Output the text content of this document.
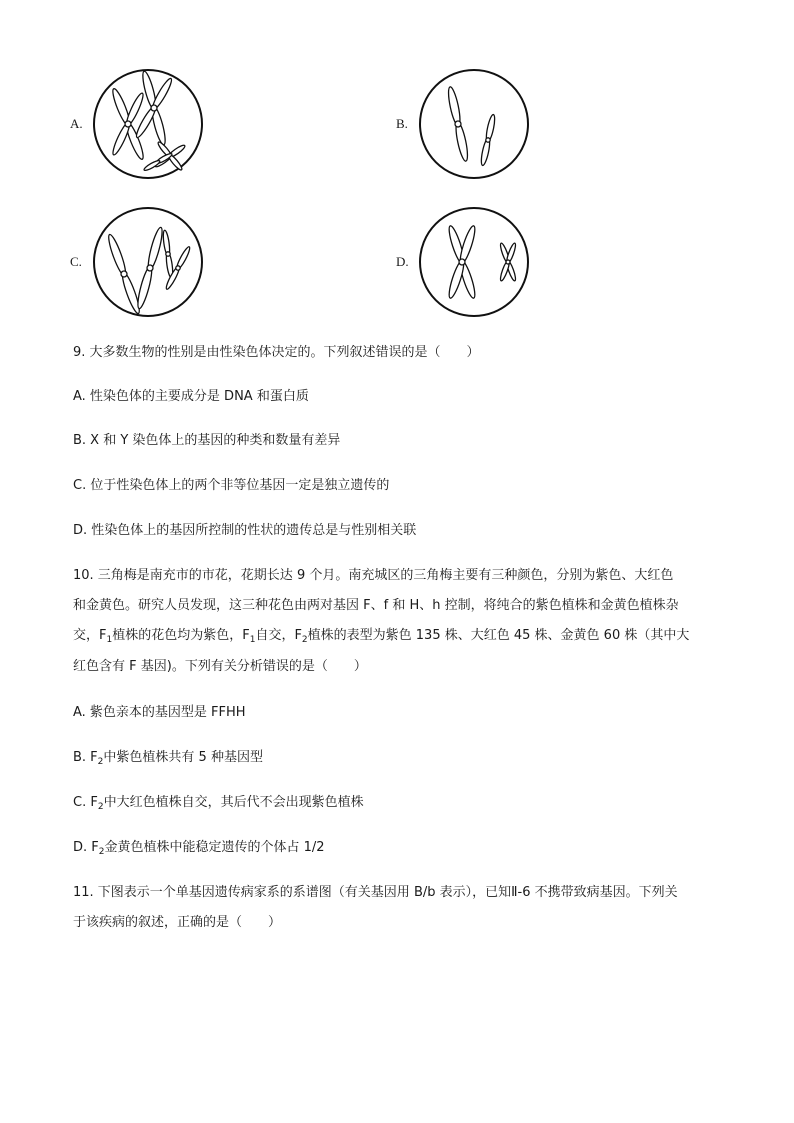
A.	B.
C.	D.
9. 大多数生物的性别是由性染色体决定的。下列叙述错误的是（　　）
A. 性染色体的主要成分是 DNA 和蛋白质
B. X 和 Y 染色体上的基因的种类和数量有差异
C. 位于性染色体上的两个非等位基因一定是独立遗传的
D. 性染色体上的基因所控制的性状的遗传总是与性别相关联
10. 三角梅是南充市的市花，花期长达 9 个月。南充城区的三角梅主要有三种颜色，分别为紫色、大红色
和金黄色。研究人员发现，这三种花色由两对基因 F、f 和 H、h 控制，将纯合的紫色植株和金黄色植株杂
交，$F_1$植株的花色均为紫色，$F_1$自交，$F_2$植株的表型为紫色 135 株、大红色 45 株、金黄色 60 株（其中大
红色含有 F 基因)。下列有关分析错误的是（　　）
A. 紫色亲本的基因型是 FFHH
B. $F_2$中紫色植株共有 5 种基因型
C. $F_2$中大红色植株自交，其后代不会出现紫色植株
D. $F_2$金黄色植株中能稳定遗传的个体占 1/2
11. 下图表示一个单基因遗传病家系的系谱图（有关基因用 B/b 表示），已知Ⅱ-6 不携带致病基因。下列关
于该疾病的叙述，正确的是（　　）
